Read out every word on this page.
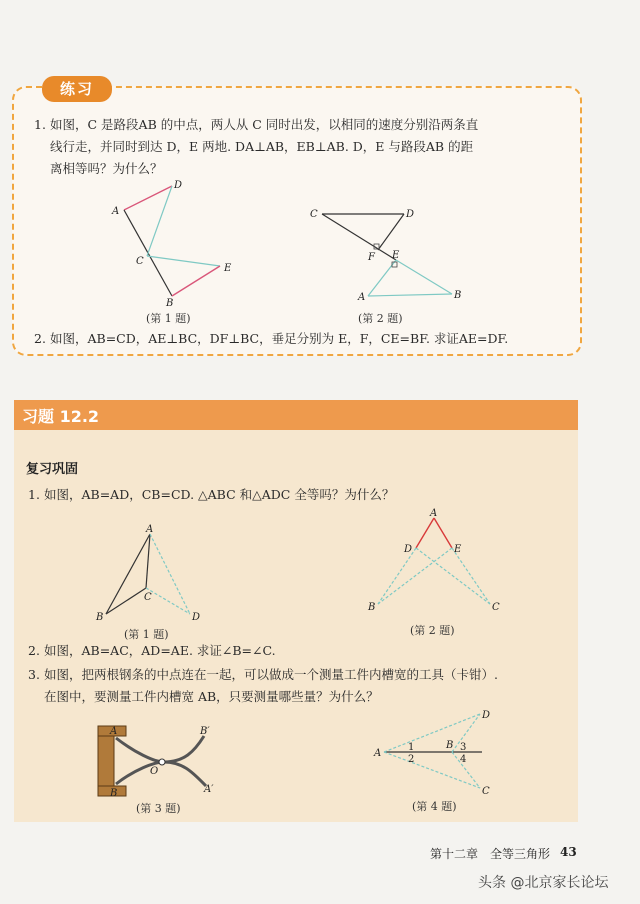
练习
1. 如图，C 是路段AB 的中点，两人从 C 同时出发，以相同的速度分别沿两条直
线行走，并同时到达 D，E 两地. DA⊥AB，EB⊥AB. D，E 与路段AB 的距
离相等吗？为什么？
A
D
C
E
B
(第 1 题)
C	D
F E
A	B
(第 2 题)
2. 如图，AB=CD，AE⊥BC，DF⊥BC，垂足分别为 E，F，CE=BF. 求证AE=DF.
习题 12.2
复习巩固
1. 如图，AB=AD，CB=CD. △ABC 和△ADC 全等吗？为什么？
A
B
C
D
(第 1 题)
A
D	E
B	C
(第 2 题)
2. 如图，AB=AC，AD=AE. 求证∠B=∠C.
3. 如图，把两根钢条的中点连在一起，可以做成一个测量工件内槽宽的工具（卡钳）.
在图中，要测量工件内槽宽 AB，只要测量哪些量？为什么？
A
B
O
B′
A′
(第 3 题)
A
B
D
C
1
2
3
4
(第 4 题)
第十二章　全等三角形 43
头条 @北京家长论坛
